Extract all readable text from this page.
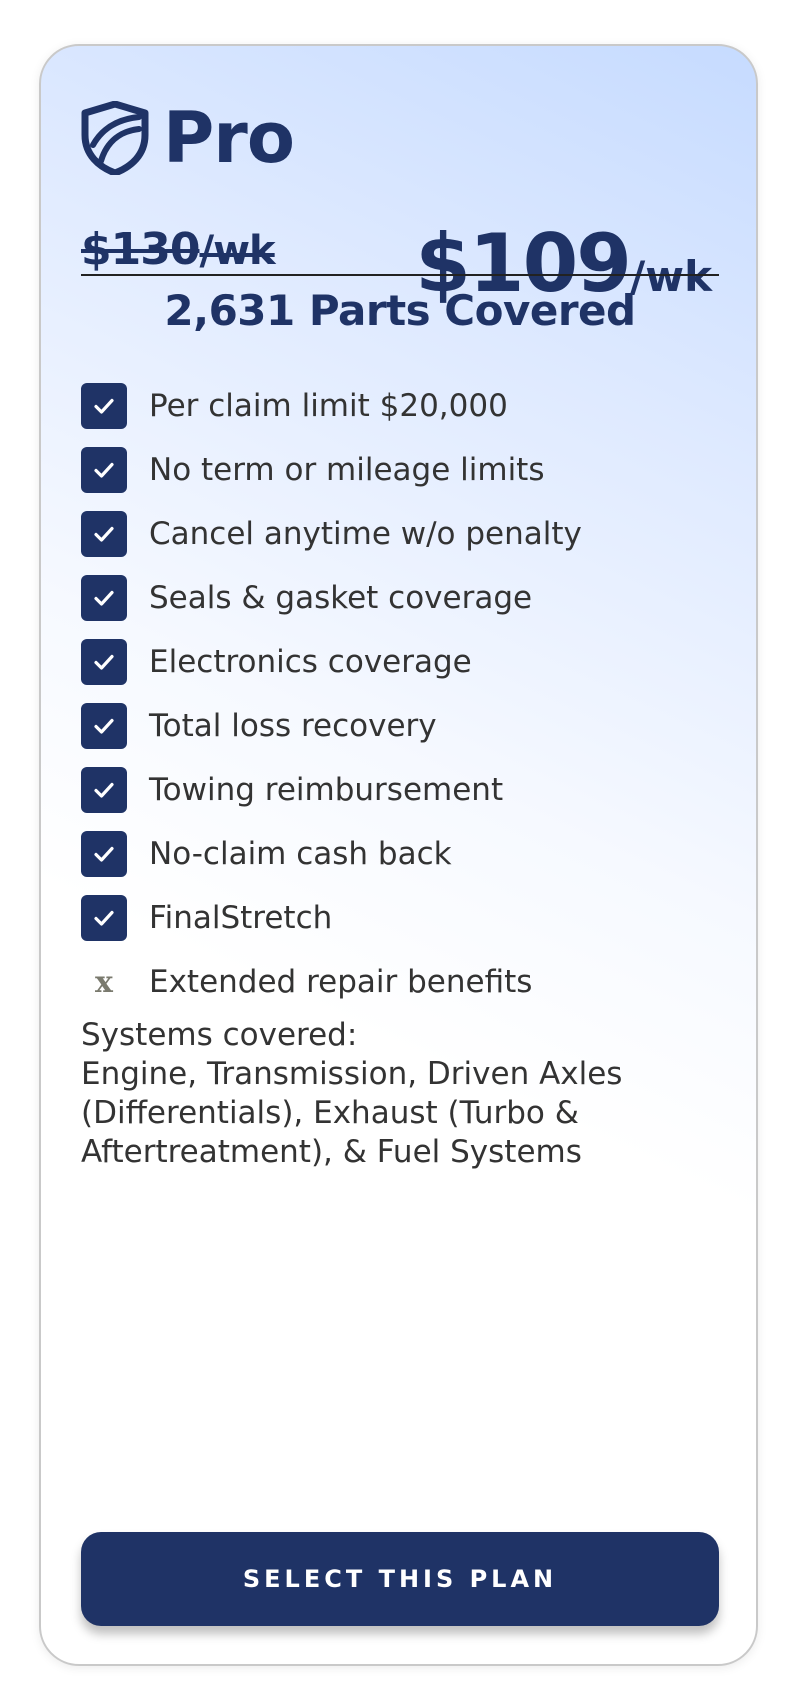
Pro
$130/wk $109/wk
2,631 Parts Covered
Per claim limit $20,000
No term or mileage limits
Cancel anytime w/o penalty
Seals & gasket coverage
Electronics coverage
Total loss recovery
Towing reimbursement
No-claim cash back
FinalStretch
x	Extended repair benefits
Systems covered:
Engine, Transmission, Driven Axles (Differentials), Exhaust (Turbo & Aftertreatment), & Fuel Systems
SELECT THIS PLAN
